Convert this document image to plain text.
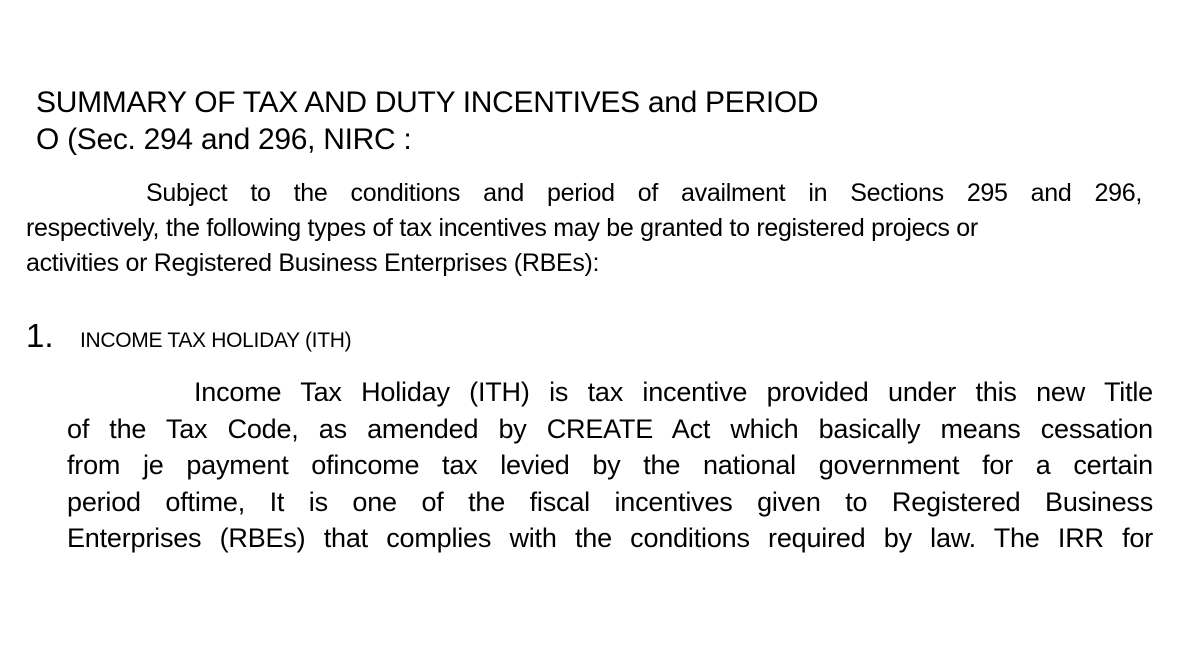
SUMMARY OF TAX AND DUTY INCENTIVES and PERIOD
O (Sec. 294 and 296, NIRC :
Subject to the conditions and period of availment in Sections 295 and 296,
respectively, the following types of tax incentives may be granted to registered projecs or
activities or Registered Business Enterprises (RBEs):
1.	INCOME TAX HOLIDAY (ITH)
Income Tax Holiday (ITH) is tax incentive provided under this new Title
of the Tax Code, as amended by CREATE Act which basically means cessation
from je payment ofincome tax levied by the national government for a certain
period oftime, It is one of the fiscal incentives given to Registered Business
Enterprises (RBEs) that complies with the conditions required by law. The IRR for
